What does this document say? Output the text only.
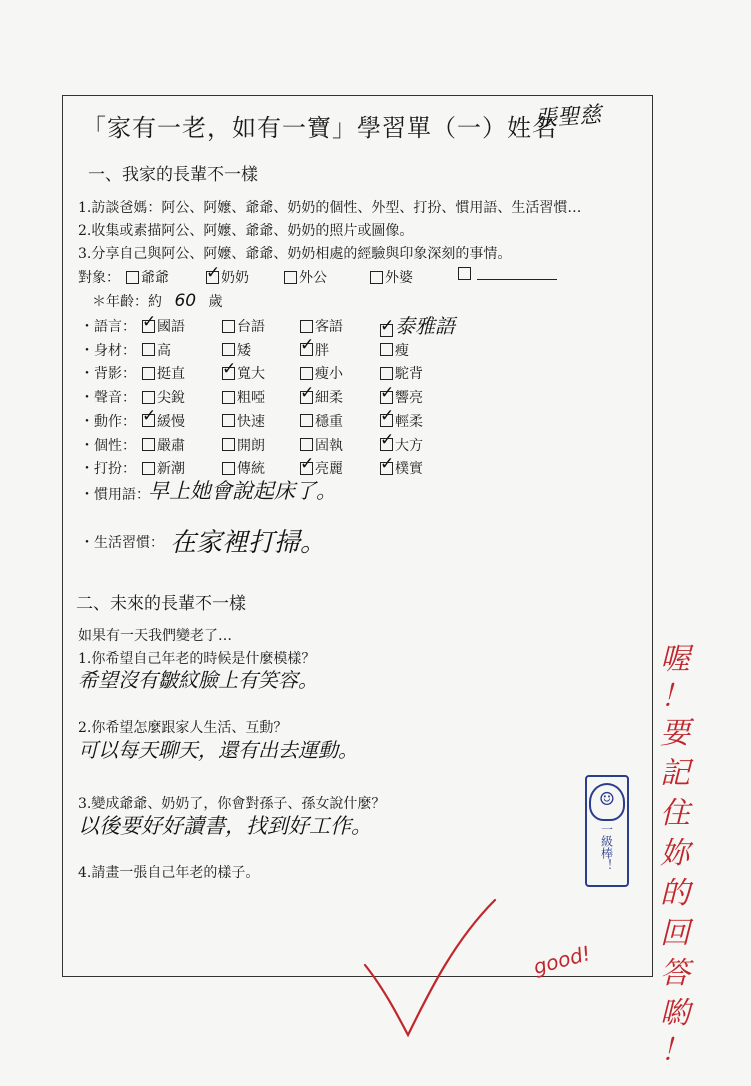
「家有一老，如有一寶」學習單（一）姓名
張聖慈
一、我家的長輩不一樣
1.訪談爸媽：阿公、阿嬤、爺爺、奶奶的個性、外型、打扮、慣用語、生活習慣…
2.收集或素描阿公、阿嬤、爺爺、奶奶的照片或圖像。
3.分享自己與阿公、阿嬤、爺爺、奶奶相處的經驗與印象深刻的事情。
對象： 爺爺 ✓	奶奶	外公	外婆
＊年齡：約 60 歲
・語言： ✓ 國語	台語	客語 ✓	泰雅語
・身材： 高	矮 ✓	胖	瘦
・背影： 挺直 ✓	寬大	瘦小	駝背
・聲音： 尖銳	粗啞 ✓	細柔 ✓	響亮
・動作： ✓ 緩慢	快速	穩重 ✓	輕柔
・個性： 嚴肅	開朗	固執 ✓	大方
・打扮： 新潮	傳統 ✓	亮麗 ✓	樸實
・慣用語：
早上她會說起床了。
・生活習慣： 在家裡打掃。
二、未來的長輩不一樣
如果有一天我們變老了…
1.你希望自己年老的時候是什麼模樣？
希望沒有皺紋臉上有笑容。
2.你希望怎麼跟家人生活、互動？
可以每天聊天，還有出去運動。
3.變成爺爺、奶奶了，你會對孫子、孫女說什麼？
以後要好好讀書，找到好工作。
4.請畫一張自己年老的樣子。
☺
一級棒！
good!
喔
！
要
記
住
妳
的
回
答
喲
！
